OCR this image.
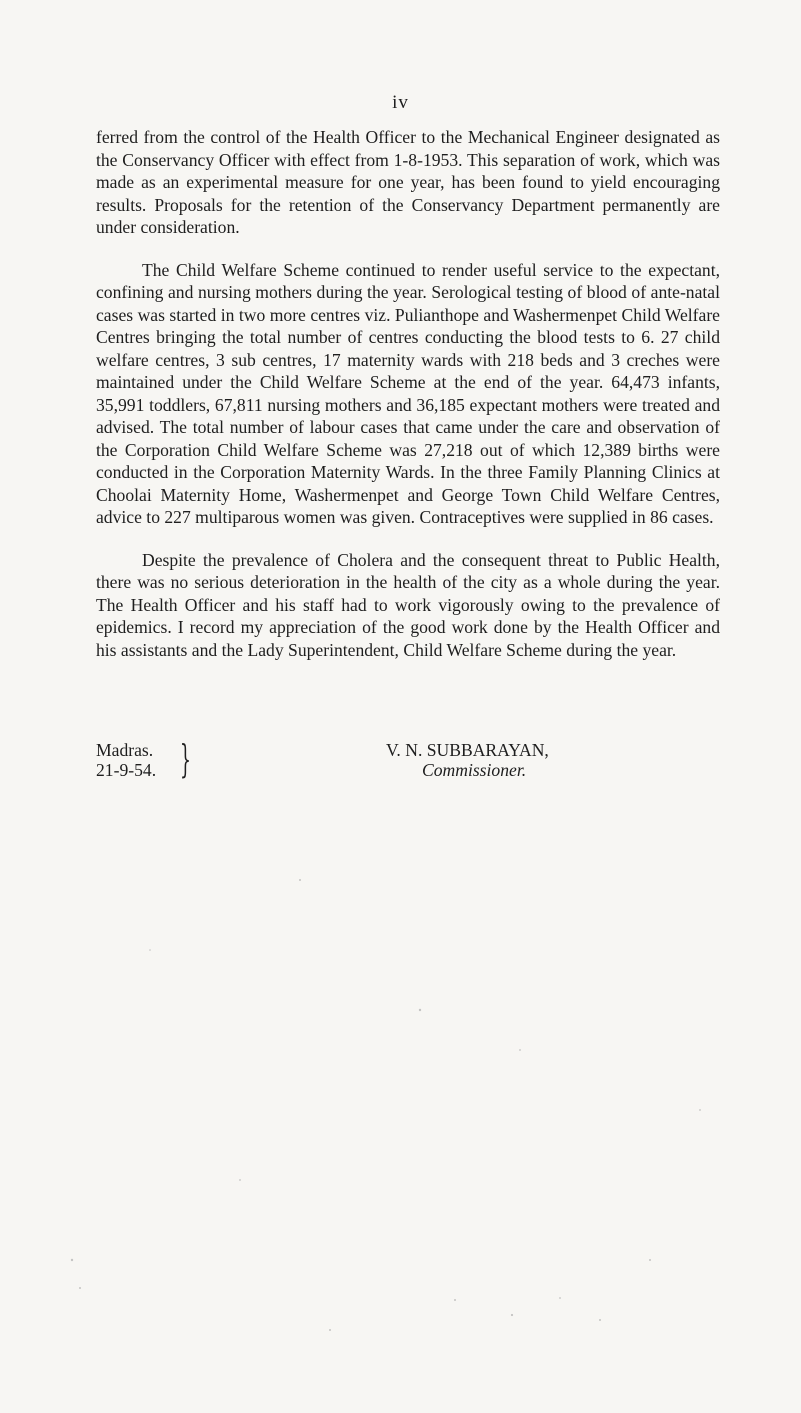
iv

ferred from the control of the Health Officer to the Mechanical Engineer designated as the Conservancy Officer with effect from 1-8-1953. This separation of work, which was made as an experimental measure for one year, has been found to yield encouraging results. Proposals for the retention of the Conservancy Department permanently are under consideration.

The Child Welfare Scheme continued to render useful service to the expectant, confining and nursing mothers during the year. Serological testing of blood of ante-natal cases was started in two more centres viz. Pulianthope and Washermenpet Child Welfare Centres bringing the total number of centres conducting the blood tests to 6. 27 child welfare centres, 3 sub centres, 17 maternity wards with 218 beds and 3 creches were maintained under the Child Welfare Scheme at the end of the year. 64,473 infants, 35,991 toddlers, 67,811 nursing mothers and 36,185 expectant mothers were treated and advised. The total number of labour cases that came under the care and observation of the Corporation Child Welfare Scheme was 27,218 out of which 12,389 births were conducted in the Corporation Maternity Wards. In the three Family Planning Clinics at Choolai Maternity Home, Washermenpet and George Town Child Welfare Centres, advice to 227 multiparous women was given. Contraceptives were supplied in 86 cases.

Despite the prevalence of Cholera and the consequent threat to Public Health, there was no serious deterioration in the health of the city as a whole during the year. The Health Officer and his staff had to work vigorously owing to the prevalence of epidemics. I record my appreciation of the good work done by the Health Officer and his assistants and the Lady Superintendent, Child Welfare Scheme during the year.

Madras.
21-9-54. }	V. N. SUBBARAYAN,
Commissioner.
